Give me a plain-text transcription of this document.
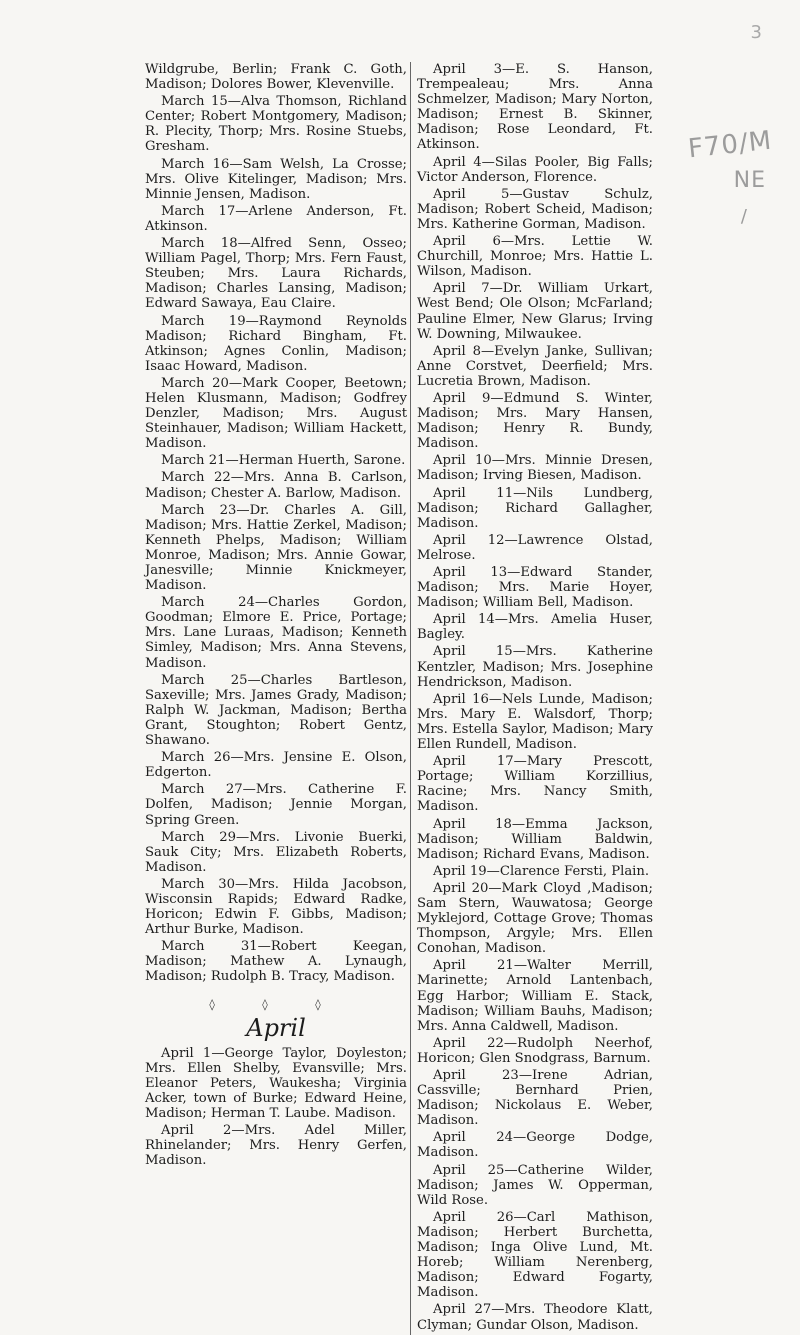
3
F70/M
NE
/

Wildgrube, Berlin; Frank C. Goth, Madison; Dolores Bower, Klevenville.

March 15—Alva Thomson, Richland Center; Robert Montgomery, Madison; R. Plecity, Thorp; Mrs. Rosine Stuebs, Gresham.

March 16—Sam Welsh, La Crosse; Mrs. Olive Kitelinger, Madison; Mrs. Minnie Jensen, Madison.

March 17—Arlene Anderson, Ft. Atkinson.

March 18—Alfred Senn, Osseo; William Pagel, Thorp; Mrs. Fern Faust, Steuben; Mrs. Laura Richards, Madison; Charles Lansing, Madison; Edward Sawaya, Eau Claire.

March 19—Raymond Reynolds Madison; Richard Bingham, Ft. Atkinson; Agnes Conlin, Madison; Isaac Howard, Madison.

March 20—Mark Cooper, Beetown; Helen Klusmann, Madison; Godfrey Denzler, Madison; Mrs. August Steinhauer, Madison; William Hackett, Madison.

March 21—Herman Huerth, Sarone.

March 22—Mrs. Anna B. Carlson, Madison; Chester A. Barlow, Madison.

March 23—Dr. Charles A. Gill, Madison; Mrs. Hattie Zerkel, Madison; Kenneth Phelps, Madison; William Monroe, Madison; Mrs. Annie Gowar, Janesville; Minnie Knickmeyer, Madison.

March 24—Charles Gordon, Goodman; Elmore E. Price, Portage; Mrs. Lane Luraas, Madison; Kenneth Simley, Madison; Mrs. Anna Stevens, Madison.

March 25—Charles Bartleson, Saxeville; Mrs. James Grady, Madison; Ralph W. Jackman, Madison; Bertha Grant, Stoughton; Robert Gentz, Shawano.

March 26—Mrs. Jensine E. Olson, Edgerton.

March 27—Mrs. Catherine F. Dolfen, Madison; Jennie Morgan, Spring Green.

March 29—Mrs. Livonie Buerki, Sauk City; Mrs. Elizabeth Roberts, Madison.

March 30—Mrs. Hilda Jacobson, Wisconsin Rapids; Edward Radke, Horicon; Edwin F. Gibbs, Madison; Arthur Burke, Madison.

March 31—Robert Keegan, Madison; Mathew A. Lynaugh, Madison; Rudolph B. Tracy, Madison.

◊ ◊ ◊
April

April 1—George Taylor, Doyleston; Mrs. Ellen Shelby, Evansville; Mrs. Eleanor Peters, Waukesha; Virginia Acker, town of Burke; Edward Heine, Madison; Herman T. Laube. Madison.

April 2—Mrs. Adel Miller, Rhinelander; Mrs. Henry Gerfen, Madison.

April 3—E. S. Hanson, Trempealeau; Mrs. Anna Schmelzer, Madison; Mary Norton, Madison; Ernest B. Skinner, Madison; Rose Leondard, Ft. Atkinson.

April 4—Silas Pooler, Big Falls; Victor Anderson, Florence.

April 5—Gustav Schulz, Madison; Robert Scheid, Madison; Mrs. Katherine Gorman, Madison.

April 6—Mrs. Lettie W. Churchill, Monroe; Mrs. Hattie L. Wilson, Madison.

April 7—Dr. William Urkart, West Bend; Ole Olson; McFarland; Pauline Elmer, New Glarus; Irving W. Downing, Milwaukee.

April 8—Evelyn Janke, Sullivan; Anne Corstvet, Deerfield; Mrs. Lucretia Brown, Madison.

April 9—Edmund S. Winter, Madison; Mrs. Mary Hansen, Madison; Henry R. Bundy, Madison.

April 10—Mrs. Minnie Dresen, Madison; Irving Biesen, Madison.

April 11—Nils Lundberg, Madison; Richard Gallagher, Madison.

April 12—Lawrence Olstad, Melrose.

April 13—Edward Stander, Madison; Mrs. Marie Hoyer, Madison; William Bell, Madison.

April 14—Mrs. Amelia Huser, Bagley.

April 15—Mrs. Katherine Kentzler, Madison; Mrs. Josephine Hendrickson, Madison.

April 16—Nels Lunde, Madison; Mrs. Mary E. Walsdorf, Thorp; Mrs. Estella Saylor, Madison; Mary Ellen Rundell, Madison.

April 17—Mary Prescott, Portage; William Korzillius, Racine; Mrs. Nancy Smith, Madison.

April 18—Emma Jackson, Madison; William Baldwin, Madison; Richard Evans, Madison.

April 19—Clarence Fersti, Plain.

April 20—Mark Cloyd ,Madison; Sam Stern, Wauwatosa; George Myklejord, Cottage Grove; Thomas Thompson, Argyle; Mrs. Ellen Conohan, Madison.

April 21—Walter Merrill, Marinette; Arnold Lantenbach, Egg Harbor; William E. Stack, Madison; William Bauhs, Madison; Mrs. Anna Caldwell, Madison.

April 22—Rudolph Neerhof, Horicon; Glen Snodgrass, Barnum.

April 23—Irene Adrian, Cassville; Bernhard Prien, Madison; Nickolaus E. Weber, Madison.

April 24—George Dodge, Madison.

April 25—Catherine Wilder, Madison; James W. Opperman, Wild Rose.

April 26—Carl Mathison, Madison; Herbert Burchetta, Madison; Inga Olive Lund, Mt. Horeb; William Nerenberg, Madison; Edward Fogarty, Madison.

April 27—Mrs. Theodore Klatt, Clyman; Gundar Olson, Madison.
